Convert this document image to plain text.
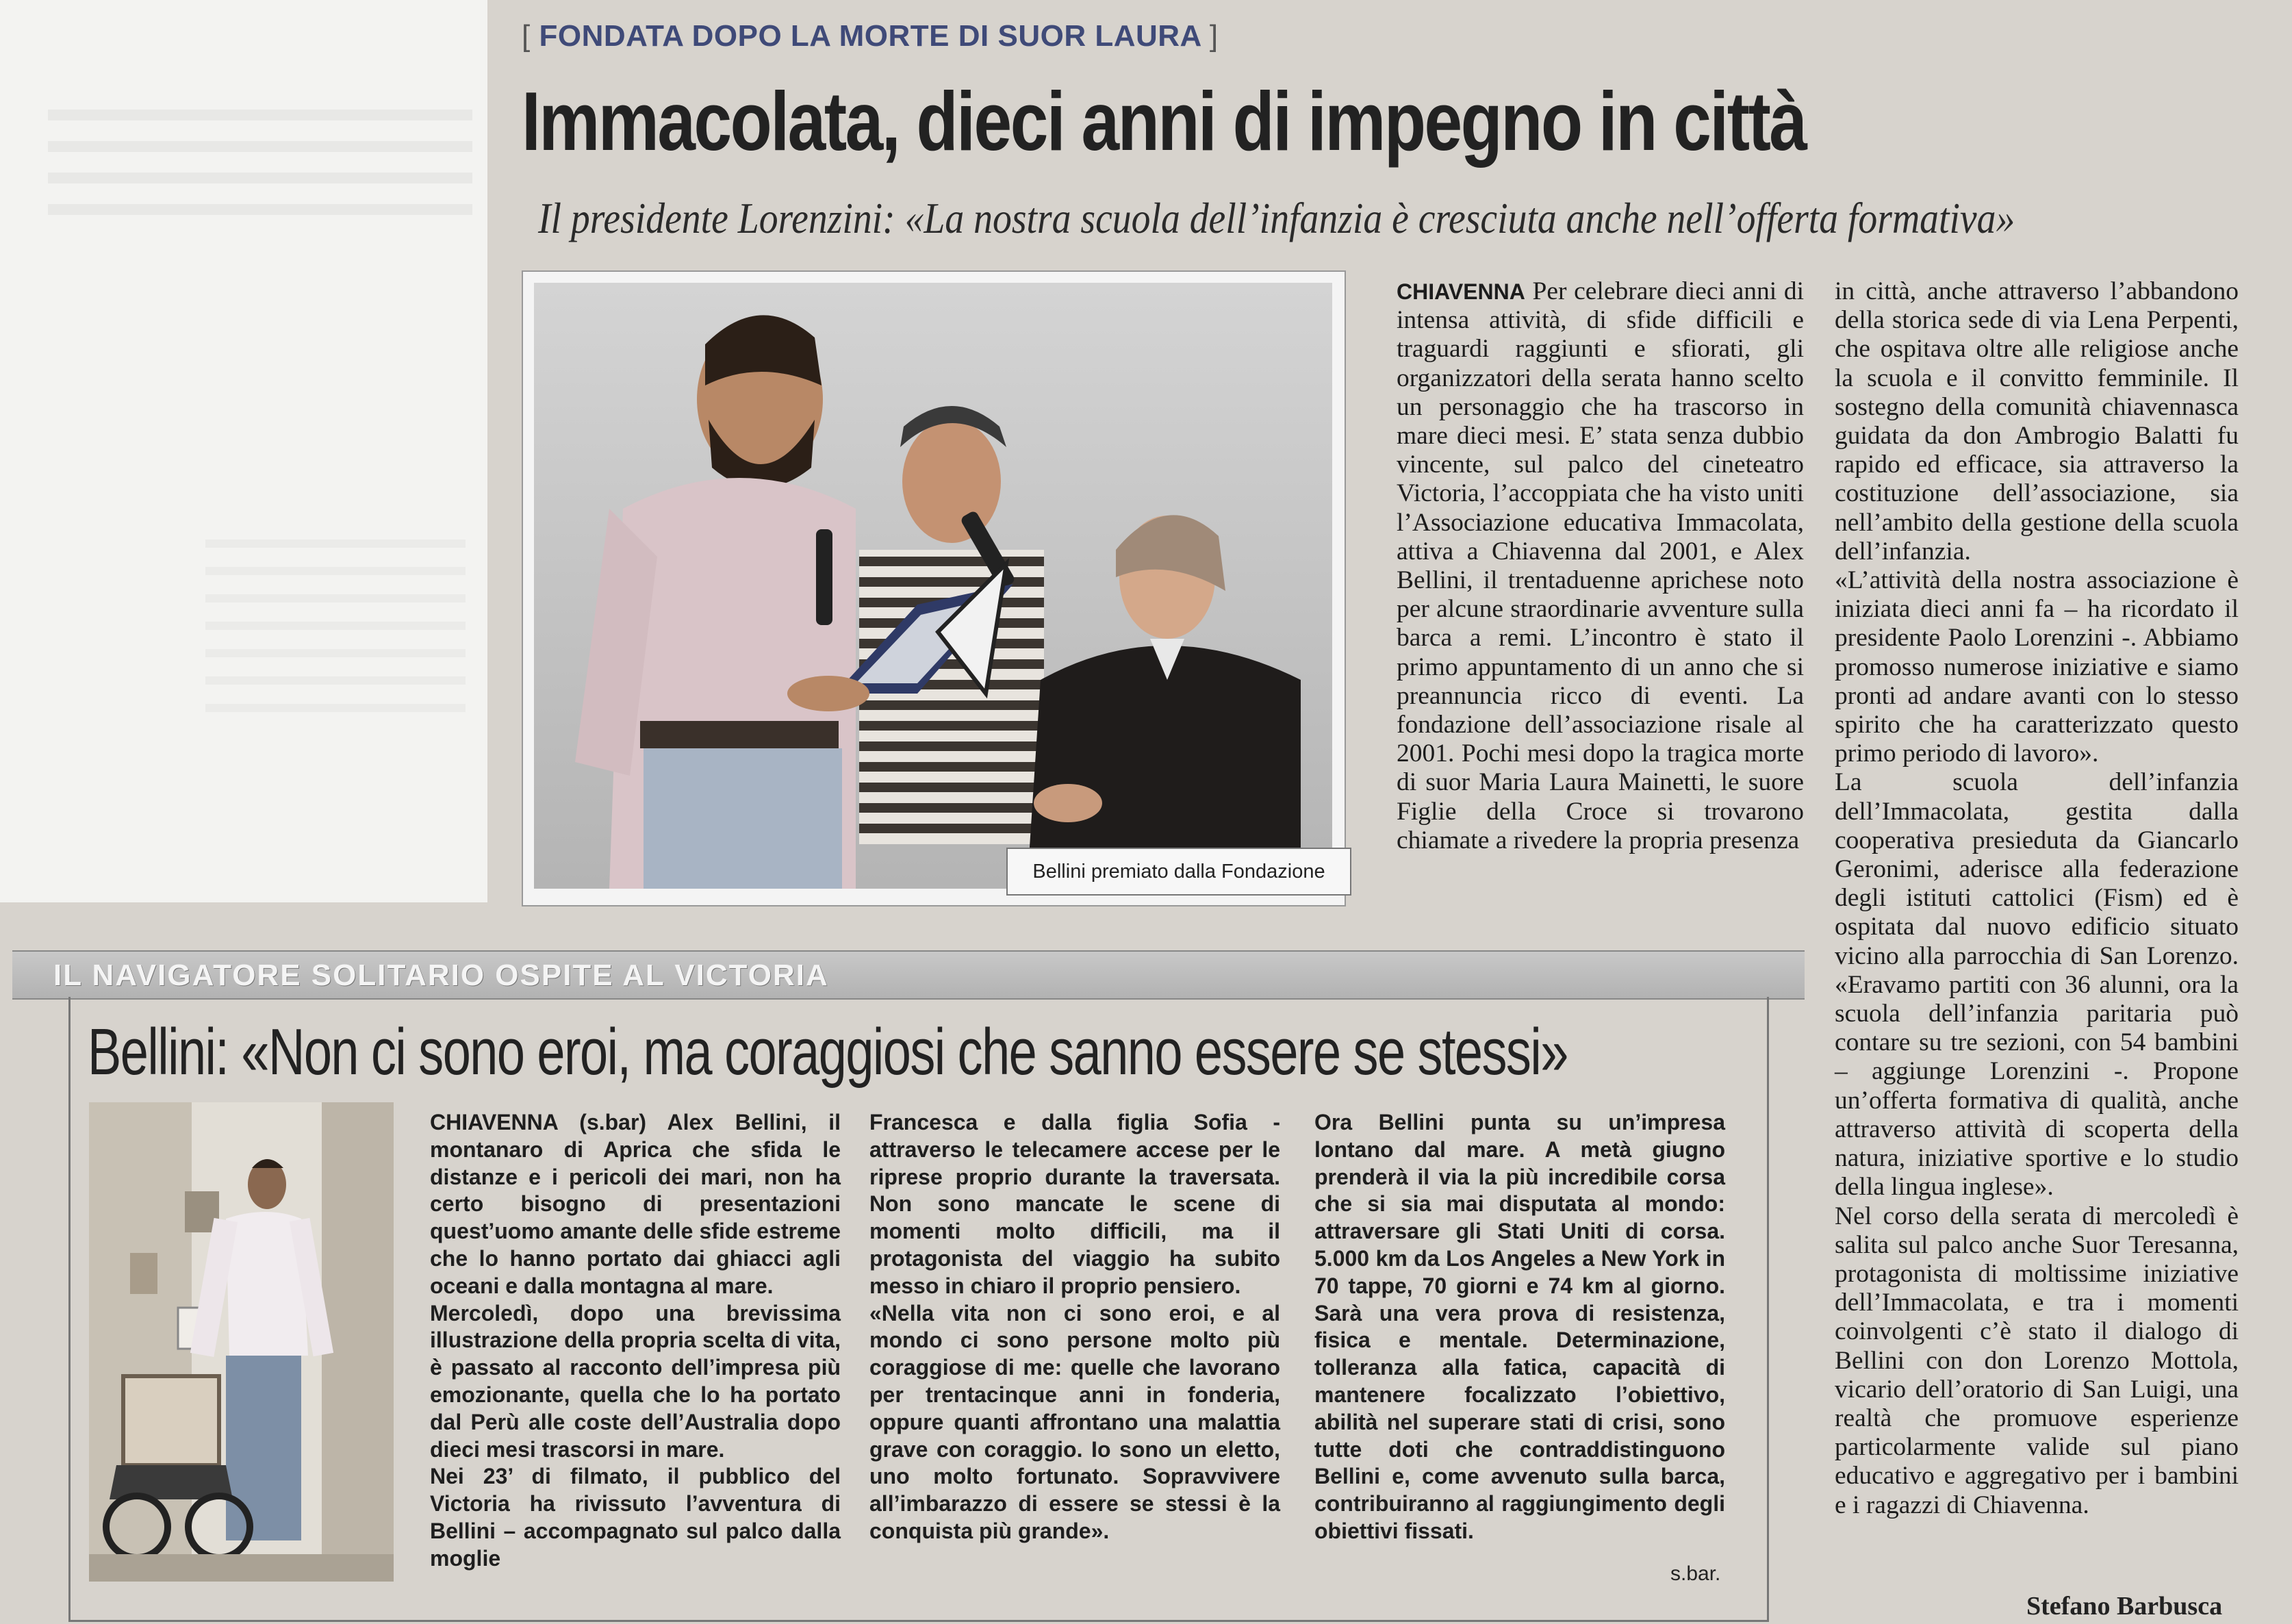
[ FONDATA DOPO LA MORTE DI SUOR LAURA ]
Immacolata, dieci anni di impegno in città
Il presidente Lorenzini: «La nostra scuola dell’infanzia è cresciuta anche nell’offerta formativa»
Bellini premiato dalla Fondazione

CHIAVENNA Per celebrare dieci anni di intensa attività, di sfide difficili e traguardi raggiunti e sfiorati, gli organizzatori della serata hanno scelto un personaggio che ha trascorso in mare dieci mesi. E’ stata senza dubbio vincente, sul palco del cineteatro Victoria, l’accoppiata che ha visto uniti l’Associazione educativa Immacolata, attiva a Chiavenna dal 2001, e Alex Bellini, il trentaduenne aprichese noto per alcune straordinarie avventure sulla barca a remi. L’incontro è stato il primo appuntamento di un anno che si preannuncia ricco di eventi. La fondazione dell’associazione risale al 2001. Pochi mesi dopo la tragica morte di suor Maria Laura Mainetti, le suore Figlie della Croce si trovarono chiamate a rivedere la propria presenza

in città, anche attraverso l’abbandono della storica sede di via Lena Perpenti, che ospitava oltre alle religiose anche la scuola e il convitto femminile. Il sostegno della comunità chiavennasca guidata da don Ambrogio Balatti fu rapido ed efficace, sia attraverso la costituzione dell’associazione, sia nell’ambito della gestione della scuola dell’infanzia.

«L’attività della nostra associazione è iniziata dieci anni fa – ha ricordato il presidente Paolo Lorenzini -. Abbiamo promosso numerose iniziative e siamo pronti ad andare avanti con lo stesso spirito che ha caratterizzato questo primo periodo di lavoro».

La scuola dell’infanzia dell’Immacolata, gestita dalla cooperativa presieduta da Giancarlo Geronimi, aderisce alla federazione degli istituti cattolici (Fism) ed è ospitata dal nuovo edificio situato vicino alla parrocchia di San Lorenzo. «Eravamo partiti con 36 alunni, ora la scuola dell’infanzia paritaria può contare su tre sezioni, con 54 bambini – aggiunge Lorenzini -. Propone un’offerta formativa di qualità, anche attraverso attività di scoperta della natura, iniziative sportive e lo studio della lingua inglese».

Nel corso della serata di mercoledì è salita sul palco anche Suor Teresanna, protagonista di moltissime iniziative dell’Immacolata, e tra i momenti coinvolgenti c’è stato il dialogo di Bellini con don Lorenzo Mottola, vicario dell’oratorio di San Luigi, una realtà che promuove esperienze particolarmente valide sul piano educativo e aggregativo per i bambini e i ragazzi di Chiavenna.

Stefano Barbusca
IL NAVIGATORE SOLITARIO OSPITE AL VICTORIA
Bellini: «Non ci sono eroi, ma coraggiosi che sanno essere se stessi»

CHIAVENNA (s.bar) Alex Bellini, il montanaro di Aprica che sfida le distanze e i pericoli dei mari, non ha certo bisogno di presentazioni quest’uomo amante delle sfide estreme che lo hanno portato dai ghiacci agli oceani e dalla montagna al mare.

Mercoledì, dopo una brevissima illustrazione della propria scelta di vita, è passato al racconto dell’impresa più emozionante, quella che lo ha portato dal Perù alle coste dell’Australia dopo dieci mesi trascorsi in mare.

Nei 23’ di filmato, il pubblico del Victoria ha rivissuto l’avventura di Bellini – accompagnato sul palco dalla moglie

Francesca e dalla figlia Sofia - attraverso le telecamere accese per le riprese proprio durante la traversata. Non sono mancate le scene di momenti molto difficili, ma il protagonista del viaggio ha subito messo in chiaro il proprio pensiero.

«Nella vita non ci sono eroi, e al mondo ci sono persone molto più coraggiose di me: quelle che lavorano per trentacinque anni in fonderia, oppure quanti affrontano una malattia grave con coraggio. Io sono un eletto, uno molto fortunato. Sopravvivere all’imbarazzo di essere se stessi è la conquista più grande».

Ora Bellini punta su un’impresa lontano dal mare. A metà giugno prenderà il via la più incredibile corsa che si sia mai disputata al mondo: attraversare gli Stati Uniti di corsa. 5.000 km da Los Angeles a New York in 70 tappe, 70 giorni e 74 km al giorno. Sarà una vera prova di resistenza, fisica e mentale. Determinazione, tolleranza alla fatica, capacità di mantenere focalizzato l’obiettivo, abilità nel superare stati di crisi, sono tutte doti che contraddistinguono Bellini e, come avvenuto sulla barca, contribuiranno al raggiungimento degli obiettivi fissati.

s.bar.
